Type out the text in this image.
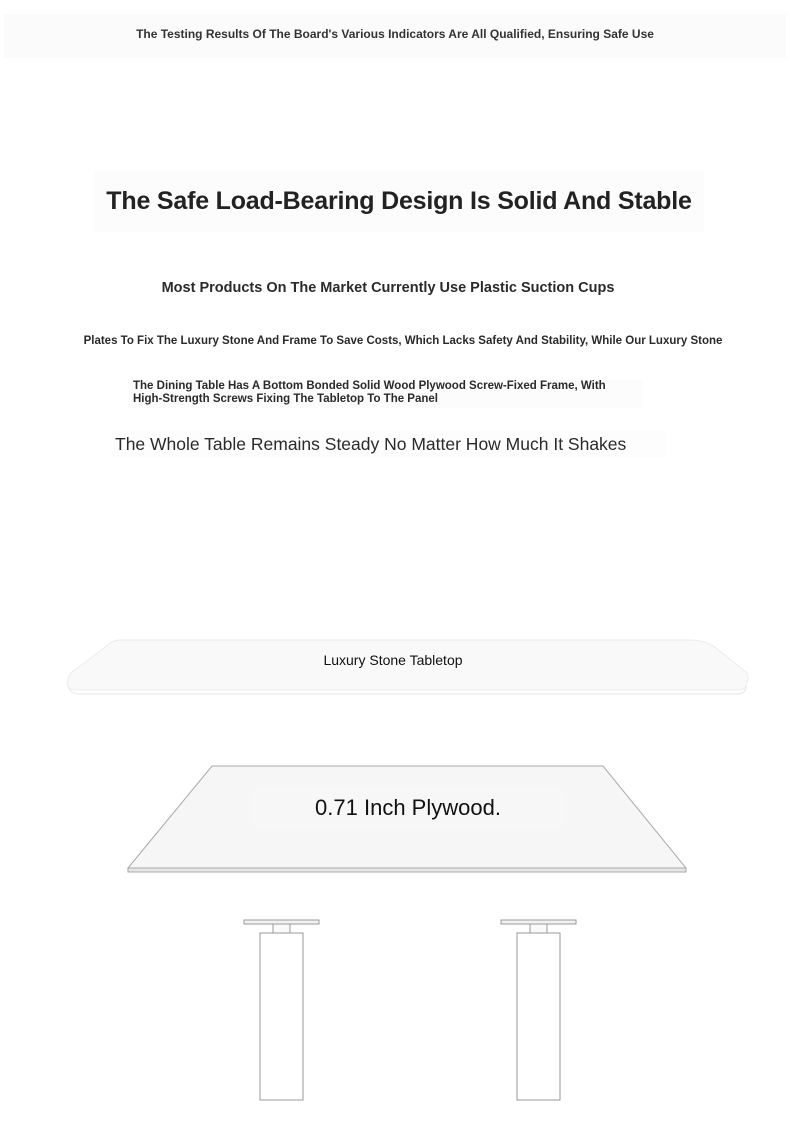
The Testing Results Of The Board's Various Indicators Are All Qualified, Ensuring Safe Use
The Safe Load-Bearing Design Is Solid And Stable
Most Products On The Market Currently Use Plastic Suction Cups
Plates To Fix The Luxury Stone And Frame To Save Costs, Which Lacks Safety And Stability, While Our Luxury Stone
The Dining Table Has A Bottom Bonded Solid Wood Plywood Screw-Fixed Frame, With
High-Strength Screws Fixing The Tabletop To The Panel
The Whole Table Remains Steady No Matter How Much It Shakes
Luxury Stone Tabletop
0.71 Inch Plywood.
